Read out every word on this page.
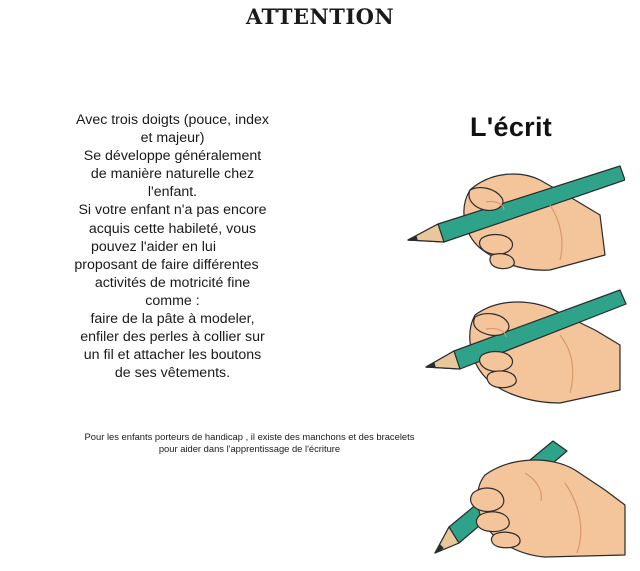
ATTENTION
Avec trois doigts (pouce, index
et majeur)
Se développe généralement
de manière naturelle chez
l'enfant.
Si votre enfant n'a pas encore
acquis cette habileté, vous
pouvez l'aider en lui
proposant de faire différentes
activités de motricité fine
comme :
faire de la pâte à modeler,
enfiler des perles à collier sur
un fil et attacher les boutons
de ses vêtements.
Pour les enfants porteurs de handicap , il existe des manchons et des bracelets
pour aider dans l'apprentissage de l'écriture
L'écrit
